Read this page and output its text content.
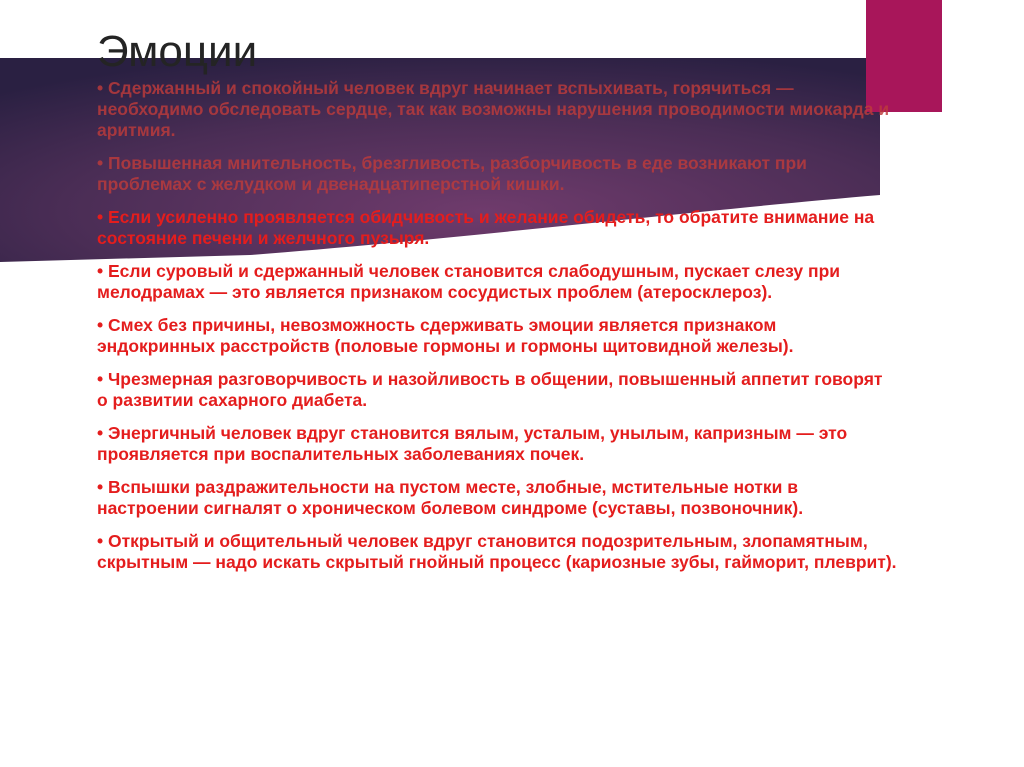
Эмоции
• Сдержанный и спокойный человек вдруг начинает вспыхивать, горячиться — необходимо обследовать сердце, так как возможны нарушения проводимости миокарда и аритмия.
• Повышенная мнительность, брезгливость, разборчивость в еде возникают при проблемах с желудком и двенадцатиперстной кишки.
• Если усиленно проявляется обидчивость и желание обидеть, то обратите внимание на состояние печени и желчного пузыря.
• Если суровый и сдержанный человек становится слабодушным, пускает слезу при мелодрамах — это является признаком сосудистых проблем (атеросклероз).
• Смех без причины, невозможность сдерживать эмоции является признаком эндокринных расстройств (половые гормоны и гормоны щитовидной железы).
• Чрезмерная разговорчивость и назойливость в общении, повышенный аппетит говорят о развитии сахарного диабета.
• Энергичный человек вдруг становится вялым, усталым, унылым, капризным — это проявляется при воспалительных заболеваниях почек.
• Вспышки раздражительности на пустом месте, злобные, мстительные нотки в настроении сигналят о хроническом болевом синдроме (суставы, позвоночник).
• Открытый и общительный человек вдруг становится подозрительным, злопамятным, скрытным — надо искать скрытый гнойный процесс (кариозные зубы, гайморит, плеврит).
